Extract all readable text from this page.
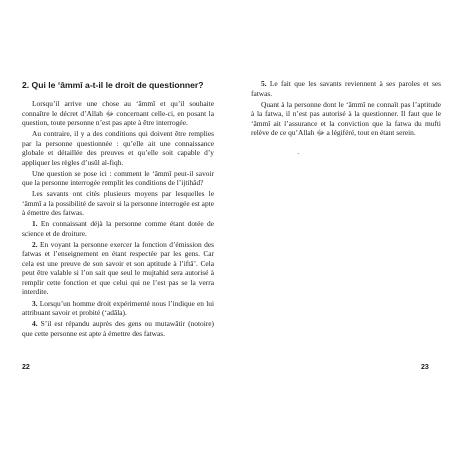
2. Qui le ‘âmmî a-t-il le droit de questionner?

Lorsqu’il arrive une chose au ‘âmmî et qu’il souhaite connaître le décret d’Allah ﷻ concernant celle-ci, en posant la question, toute personne n’est pas apte à être interrogée.

Au contraire, il y a des conditions qui doivent être remplies par la personne questionnée : qu’elle ait une connaissance globale et détaillée des preuves et qu’elle soit capable d’y appliquer les règles d’usûl al-fiqh.

Une question se pose ici : comment le ‘âmmî peut-il savoir que la personne interrogée remplit les conditions de l’ijtihâd?

Les savants ont cités plusieurs moyens par lesquelles le ‘âmmî a la possibilité de savoir si la personne interrogée est apte à émettre des fatwas.

1. En connaissant déjà la personne comme étant dotée de science et de droiture.

2. En voyant la personne exercer la fonction d’émission des fatwas et l’enseignement en étant respectée par les gens. Car cela est une preuve de son savoir et son aptitude à l’iftâ’. Cela peut être valable si l’on sait que seul le mujtahid sera autorisé à remplir cette fonction et que celui qui ne l’est pas se la verra interdite.

3. Lorsqu’un homme droit expérimenté nous l’indique en lui attribuant savoir et probité (‘adâla).

4. S’il est répandu auprès des gens ou mutawâtir (notoire) que cette personne est apte à émettre des fatwas.

22

5. Le fait que les savants reviennent à ses paroles et ses fatwas.

Quant à la personne dont le ‘âmmî ne connaît pas l’aptitude à la fatwa, il n’est pas autorisé à la questionner. Il faut que le ‘âmmî ait l’assurance et la conviction que la fatwa du mufti relève de ce qu’Allah ﷻ a légiféré, tout en étant serein.

·
23
